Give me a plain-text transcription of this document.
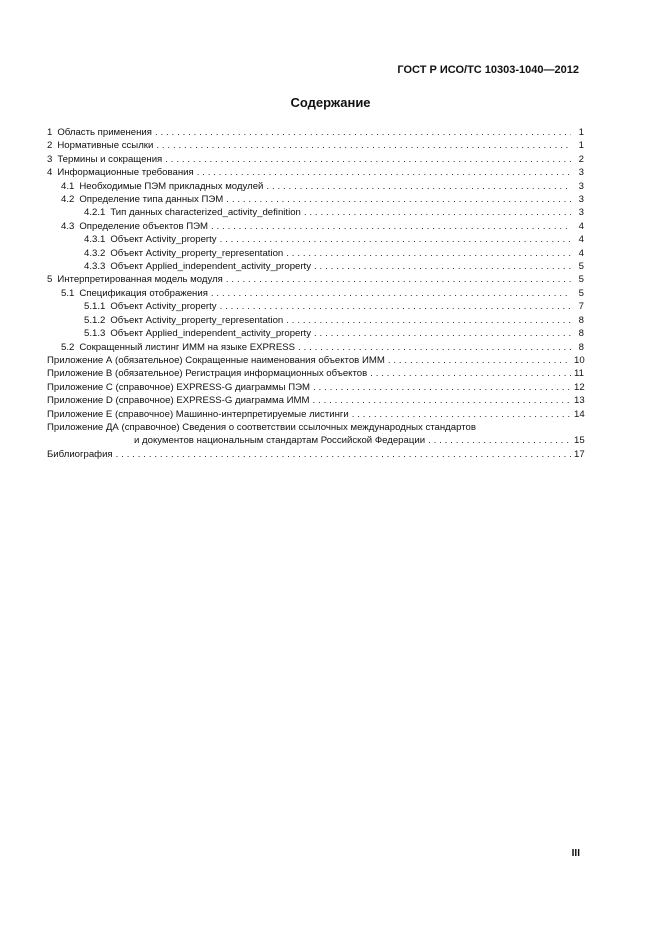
ГОСТ Р ИСО/ТС 10303-1040—2012
Содержание
1 Область применения . . .	1
2 Нормативные ссылки . . .	1
3 Термины и сокращения . . .	2
4 Информационные требования . . .	3
4.1 Необходимые ПЭМ прикладных модулей . . .	3
4.2 Определение типа данных ПЭМ . . .	3
4.2.1 Тип данных characterized_activity_definition . . .	3
4.3 Определение объектов ПЭМ . . .	4
4.3.1 Объект Activity_property . . .	4
4.3.2 Объект Activity_property_representation . . .	4
4.3.3 Объект Applied_independent_activity_property . . .	5
5 Интерпретированная модель модуля . . .	5
5.1 Спецификация отображения . . .	5
5.1.1 Объект Activity_property . . .	7
5.1.2 Объект Activity_property_representation . . .	8
5.1.3 Объект Applied_independent_activity_property . . .	8
5.2 Сокращенный листинг ИММ на языке EXPRESS . . .	8
Приложение А (обязательное) Сокращенные наименования объектов ИММ . . .	10
Приложение В (обязательное) Регистрация информационных объектов . . .	11
Приложение С (справочное) EXPRESS-G диаграммы ПЭМ . . .	12
Приложение D (справочное) EXPRESS-G диаграмма ИММ . . .	13
Приложение Е (справочное) Машинно-интерпретируемые листинги . . .	14
Приложение ДА (справочное) Сведения о соответствии ссылочных международных стандартов
и документов национальным стандартам Российской Федерации . . .	15
Библиография . . .	17
III
